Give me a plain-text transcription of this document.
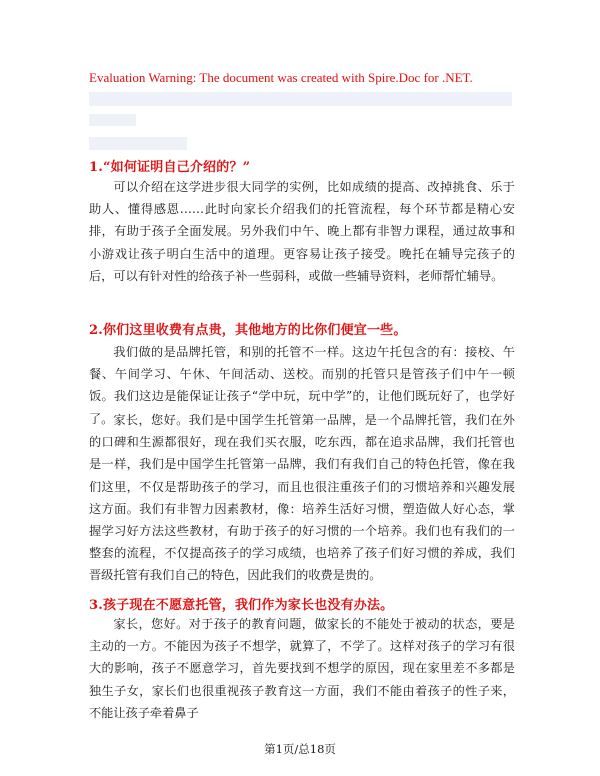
Evaluation Warning: The document was created with Spire.Doc for .NET.
1.“如何证明自己介绍的？”
可以介绍在这学进步很大同学的实例，比如成绩的提高、改掉挑食、乐于助人、懂得感恩……此时向家长介绍我们的托管流程，每个环节都是精心安排，有助于孩子全面发展。另外我们中午、晚上都有非智力课程，通过故事和小游戏让孩子明白生活中的道理。更容易让孩子接受。晚托在辅导完孩子的后，可以有针对性的给孩子补一些弱科，或做一些辅导资料，老师帮忙辅导。
2.你们这里收费有点贵，其他地方的比你们便宜一些。
我们做的是品牌托管，和别的托管不一样。这边午托包含的有：接校、午餐、午间学习、午休、午间活动、送校。而别的托管只是管孩子们中午一顿饭。我们这边是能保证让孩子“学中玩，玩中学”的，让他们既玩好了，也学好了。 家长，您好。我们是中国学生托管第一品牌，是一个品牌托管，我们在外的口碑和生源都很好，现在我们买衣服，吃东西，都在追求品牌，我们托管也是一样，我们是中国学生托管第一品牌，我们有我们自己的特色托管，像在我们这里，不仅是帮助孩子的学习，而且也很注重孩子们的习惯培养和兴趣发展这方面。我们有非智力因素教材，像：培养生活好习惯，塑造做人好心态，掌握学习好方法这些教材，有助于孩子的好习惯的一个培养。我们也有我们的一整套的流程，不仅提高孩子的学习成绩，也培养了孩子们好习惯的养成，我们晋级托管有我们自己的特色，因此我们的收费是贵的。
3.孩子现在不愿意托管，我们作为家长也没有办法。
家长，您好。对于孩子的教育问题，做家长的不能处于被动的状态，要是主动的一方。不能因为孩子不想学，就算了，不学了。这样对孩子的学习有很大的影响，孩子不愿意学习，首先要找到不想学的原因，现在家里差不多都是独生子女，家长们也很重视孩子教育这一方面，我们不能由着孩子的性子来，不能让孩子牵着鼻子
第1页/总18页
